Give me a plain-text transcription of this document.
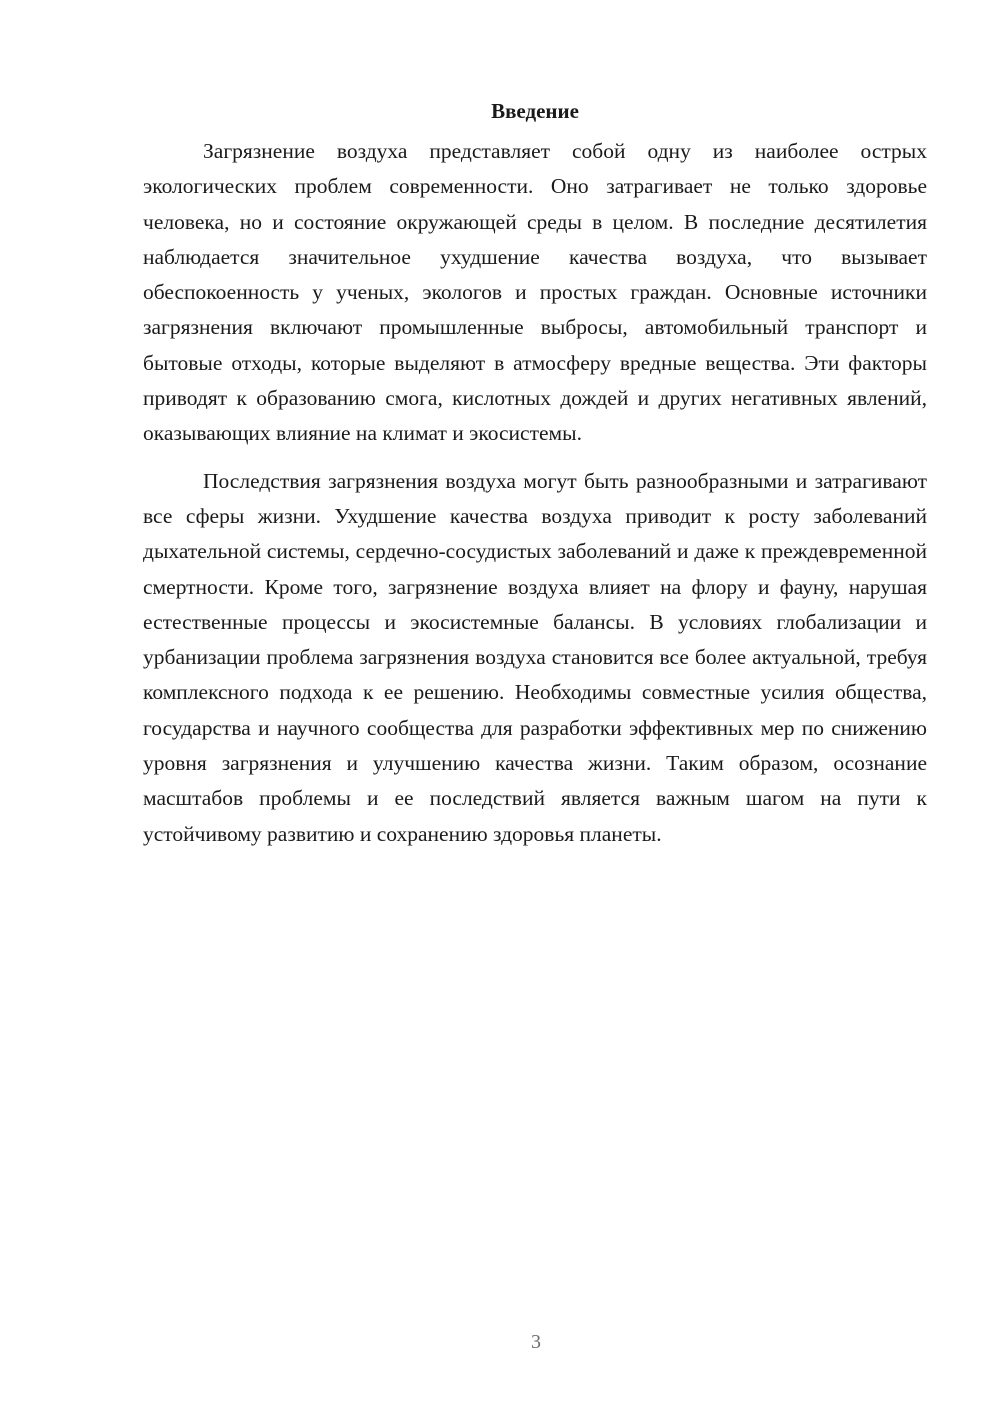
Введение

Загрязнение воздуха представляет собой одну из наиболее острых экологических проблем современности. Оно затрагивает не только здоровье человека, но и состояние окружающей среды в целом. В последние десятилетия наблюдается значительное ухудшение качества воздуха, что вызывает обеспокоенность у ученых, экологов и простых граждан. Основные источники загрязнения включают промышленные выбросы, автомобильный транспорт и бытовые отходы, которые выделяют в атмосферу вредные вещества. Эти факторы приводят к образованию смога, кислотных дождей и других негативных явлений, оказывающих влияние на климат и экосистемы.

Последствия загрязнения воздуха могут быть разнообразными и затрагивают все сферы жизни. Ухудшение качества воздуха приводит к росту заболеваний дыхательной системы, сердечно-сосудистых заболеваний и даже к преждевременной смертности. Кроме того, загрязнение воздуха влияет на флору и фауну, нарушая естественные процессы и экосистемные балансы. В условиях глобализации и урбанизации проблема загрязнения воздуха становится все более актуальной, требуя комплексного подхода к ее решению. Необходимы совместные усилия общества, государства и научного сообщества для разработки эффективных мер по снижению уровня загрязнения и улучшению качества жизни. Таким образом, осознание масштабов проблемы и ее последствий является важным шагом на пути к устойчивому развитию и сохранению здоровья планеты.

3
